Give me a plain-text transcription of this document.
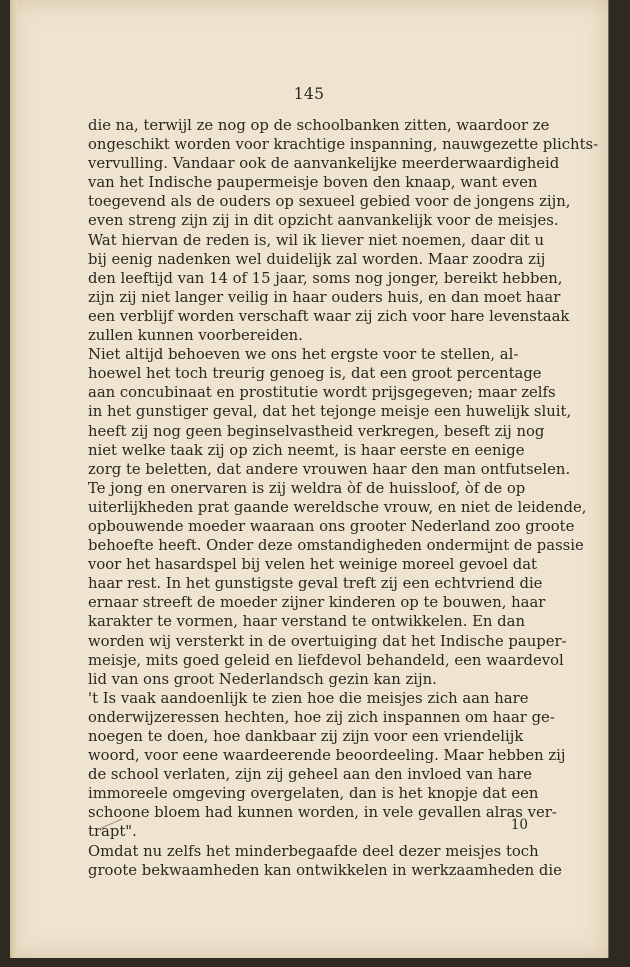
145
die na, terwijl ze nog op de schoolbanken zitten, waardoor ze
ongeschikt worden voor krachtige inspanning, nauwgezette plichts-
vervulling. Vandaar ook de aanvankelijke meerderwaardigheid
van het Indische paupermeisje boven den knaap, want even
toegevend als de ouders op sexueel gebied voor de jongens zijn,
even streng zijn zij in dit opzicht aanvankelijk voor de meisjes.
Wat hiervan de reden is, wil ik liever niet noemen, daar dit u
bij eenig nadenken wel duidelijk zal worden. Maar zoodra zij
den leeftijd van 14 of 15 jaar, soms nog jonger, bereikt hebben,
zijn zij niet langer veilig in haar ouders huis, en dan moet haar
een verblijf worden verschaft waar zij zich voor hare levenstaak
zullen kunnen voorbereiden.
Niet altijd behoeven we ons het ergste voor te stellen, al-
hoewel het toch treurig genoeg is, dat een groot percentage
aan concubinaat en prostitutie wordt prijsgegeven; maar zelfs
in het gunstiger geval, dat het tejonge meisje een huwelijk sluit,
heeft zij nog geen beginselvastheid verkregen, beseft zij nog
niet welke taak zij op zich neemt, is haar eerste en eenige
zorg te beletten, dat andere vrouwen haar den man ontfutselen.
Te jong en onervaren is zij weldra òf de huissloof, òf de op
uiterlijkheden prat gaande wereldsche vrouw, en niet de leidende,
opbouwende moeder waaraan ons grooter Nederland zoo groote
behoefte heeft. Onder deze omstandigheden ondermijnt de passie
voor het hasardspel bij velen het weinige moreel gevoel dat
haar rest. In het gunstigste geval treft zij een echtvriend die
ernaar streeft de moeder zijner kinderen op te bouwen, haar
karakter te vormen, haar verstand te ontwikkelen. En dan
worden wij versterkt in de overtuiging dat het Indische pauper-
meisje, mits goed geleid en liefdevol behandeld, een waardevol
lid van ons groot Nederlandsch gezin kan zijn.
't Is vaak aandoenlijk te zien hoe die meisjes zich aan hare
onderwijzeressen hechten, hoe zij zich inspannen om haar ge-
noegen te doen, hoe dankbaar zij zijn voor een vriendelijk
woord, voor eene waardeerende beoordeeling. Maar hebben zij
de school verlaten, zijn zij geheel aan den invloed van hare
immoreele omgeving overgelaten, dan is het knopje dat een
schoone bloem had kunnen worden, in vele gevallen alras ver-
trapt".
Omdat nu zelfs het minderbegaafde deel dezer meisjes toch
groote bekwaamheden kan ontwikkelen in werkzaamheden die
10
